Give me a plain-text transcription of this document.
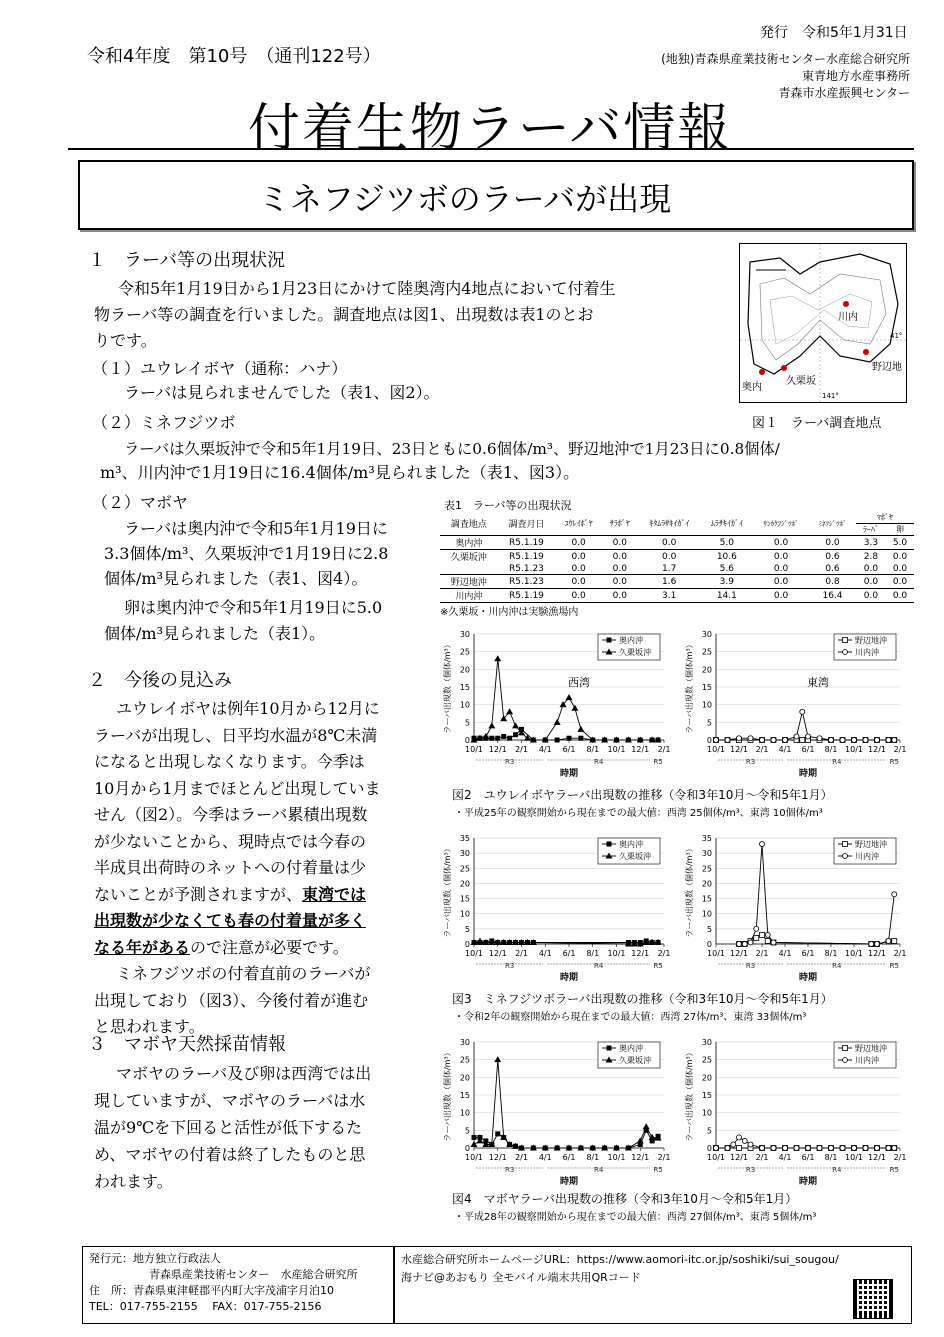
令和4年度　第10号　（通刊122号）
発行　令和5年1月31日
(地独)青森県産業技術センター水産総合研究所
東青地方水産事務所
青森市水産振興センター
付着生物ラーバ情報
ミネフジツボのラーバが出現
１　ラーバ等の出現状況
令和5年1月19日から1月23日にかけて陸奥湾内4地点において付着生
物ラーバ等の調査を行いました。調査地点は図1、出現数は表1のとお
りです。
（１）ユウレイボヤ（通称：ハナ）
ラーバは見られませんでした（表1、図2）。
（２）ミネフジツボ
ラーバは久栗坂沖で令和5年1月19日、23日ともに0.6個体/m³、野辺地沖で1月23日に0.8個体/
m³、川内沖で1月19日に16.4個体/m³見られました（表1、図3）。
（２）マボヤ
ラーバは奥内沖で令和5年1月19日に
3.3個体/m³、久栗坂沖で1月19日に2.8
個体/m³見られました（表1、図4）。
卵は奥内沖で令和5年1月19日に5.0
個体/m³見られました（表1）。
２　今後の見込み
ユウレイボヤは例年10月から12月に
ラーバが出現し、日平均水温が8℃未満
になると出現しなくなります。今季は
10月から1月までほとんど出現していま
せん（図2）。今季はラーバ累積出現数
が少ないことから、現時点では今春の
半成貝出荷時のネットへの付着量は少
ないことが予測されますが、東湾では
出現数が少なくても春の付着量が多く
なる年があるので注意が必要です。
ミネフジツボの付着直前のラーバが
出現しており（図3）、今後付着が進む
と思われます。
３　マボヤ天然採苗情報
マボヤのラーバ及び卵は西湾では出
現していますが、マボヤのラーバは水
温が9℃を下回ると活性が低下するた
め、マボヤの付着は終了したものと思
われます。
川内
野辺地
久栗坂
奥内
41°
141°
図１　ラーバ調査地点
表1　ラーバ等の出現状況
調査地点	調査月日	ﾕｳﾚｲﾎﾞﾔ	ｻﾗﾎﾞﾔ	ｷﾀﾑﾗｻｷｲｶﾞｲ	ﾑﾗｻｷｲｶﾞｲ	ｻﾝｶｸﾌｼﾞﾂﾎﾞ	ﾐﾈﾌｼﾞﾂﾎﾞ	ﾏﾎﾞﾔ	
								ﾗｰﾊﾞ	卵
奥内沖	R5.1.19	0.0	0.0	0.0	5.0	0.0	0.0	3.3	5.0
久栗坂沖	R5.1.19	0.0	0.0	0.0	10.6	0.0	0.6	2.8	0.0
	R5.1.23	0.0	0.0	1.7	5.6	0.0	0.6	0.0	0.0
野辺地沖	R5.1.23	0.0	0.0	1.6	3.9	0.0	0.8	0.0	0.0
川内沖	R5.1.19	0.0	0.0	3.1	14.1	0.0	16.4	0.0	0.0
※久栗坂・川内沖は実験漁場内
ラーバ出現数（個体/m³）
0
5
10
15
20
25
30
10/1 12/1 2/1 4/1 6/1 8/1 10/1 12/1 2/1
R3	R4	R5
時期
奥内沖
久栗坂沖
西湾	ラーバ出現数（個体/m³）
0
5
10
15
20
25
30
10/1 12/1 2/1 4/1 6/1 8/1 10/1 12/1 2/1
R3	R4	R5
時期
野辺地沖
川内沖
東湾
図2　ユウレイボヤラーバ出現数の推移（令和3年10月～令和5年1月）
・平成25年の観察開始から現在までの最大値：西湾 25個体/m³、東湾 10個体/m³
ラーバ出現数（個体/m³）
0
5
10
15
20
25
30
35
10/1 12/1 2/1 4/1 6/1 8/1 10/1 12/1 2/1
R3	R4	R5
時期
奥内沖
久栗坂沖	ラーバ出現数（個体/m³）
0
5
10
15
20
25
30
35
10/1 12/1 2/1 4/1 6/1 8/1 10/1 12/1 2/1
R3	R4	R5
時期
野辺地沖
川内沖
図3　ミネフジツボラーバ出現数の推移（令和3年10月～令和5年1月）
・令和2年の観察開始から現在までの最大値：西湾 27体/m³、東湾 33個体/m³
ラーバ出現数（個体/m³）
0
5
10
15
20
25
30
10/1 12/1 2/1 4/1 6/1 8/1 10/1 12/1 2/1
R3	R4	R5
時期
奥内沖
久栗坂沖	ラーバ出現数（個体/m³）
0
5
10
15
20
25
30
10/1 12/1 2/1 4/1 6/1 8/1 10/1 12/1 2/1
R3	R4	R5
時期
野辺地沖
川内沖
図4　マボヤラーバ出現数の推移（令和3年10月～令和5年1月）
・平成28年の観察開始から現在までの最大値：西湾 27個体/m³、東湾 5個体/m³
発行元：地方独立行政法人
青森県産業技術センター　水産総合研究所
住　所：青森県東津軽郡平内町大字茂浦字月泊10
TEL：017-755-2155　 FAX：017-755-2156
水産総合研究所ホームページURL：https://www.aomori-itc.or.jp/soshiki/sui_sougou/
海ナビ@あおもり 全モバイル端末共用QRコード
